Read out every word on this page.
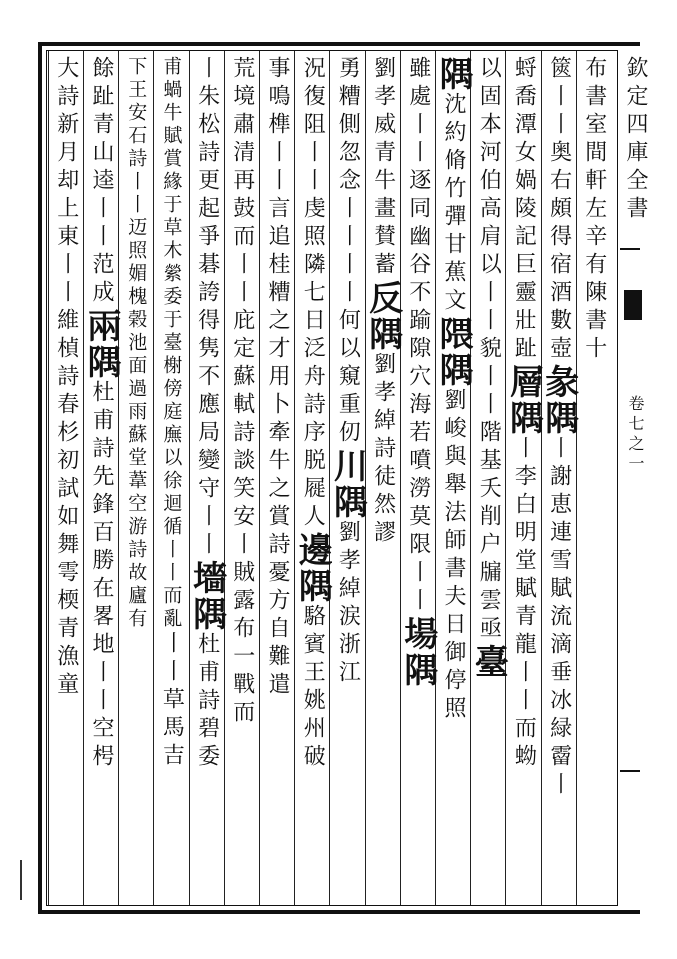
欽定四庫全書
卷七之一
布書室間軒左辛有陳書十
篋丨丨奥右頗得宿酒數壺
彖
隅
丨謝恵連雪賦流滴垂冰緑霤丨
蛶喬潭女媧陵記巨靈壯趾
層
隅
丨李白明堂賦青龍丨丨而蚴
以固本河伯高肩以丨丨
貌丨丨階基夭削户牖雲亟
臺
隅
沈約脩竹彈甘蕉文
隈
隅
劉峻與舉法師書夫日御停照
雖處丨丨逐同幽谷
不踰隙穴海若噴澇莫限丨丨
場
隅
劉孝威青牛畫賛蓄
反
隅
劉孝綽詩徒然謬
勇糟側忽念丨丨
丨丨何以窺重仞
川
隅
劉孝綽涙浙江
況復阻丨丨虔照隣七日泛舟詩序脱屣人
邊
隅
駱賓王姚州破
事鳴榫丨丨言追桂糟之才用卜牽牛之賞
詩憂方自難遣
荒境肅清再鼓而丨丨庇定蘇軾詩談笑安丨
賊露布一戰而
丨朱松詩更起爭碁誇得隽不應局變守丨丨
墻
隅
杜甫詩碧委
甫蝸牛賦賞緣于草木縈委于臺榭傍庭廡以徐迴循丨丨而亂
丨丨草馬吉
下王安石詩丨丨迈照媚槐榖池面過雨蘇堂葦空游詩故廬有
餘趾青山逵丨丨范成
兩
隅
杜甫詩先鋒百勝在畧地丨丨空枵
大詩新月却上東丨丨
維楨詩春杉初試如舞雩㮕青漁童
